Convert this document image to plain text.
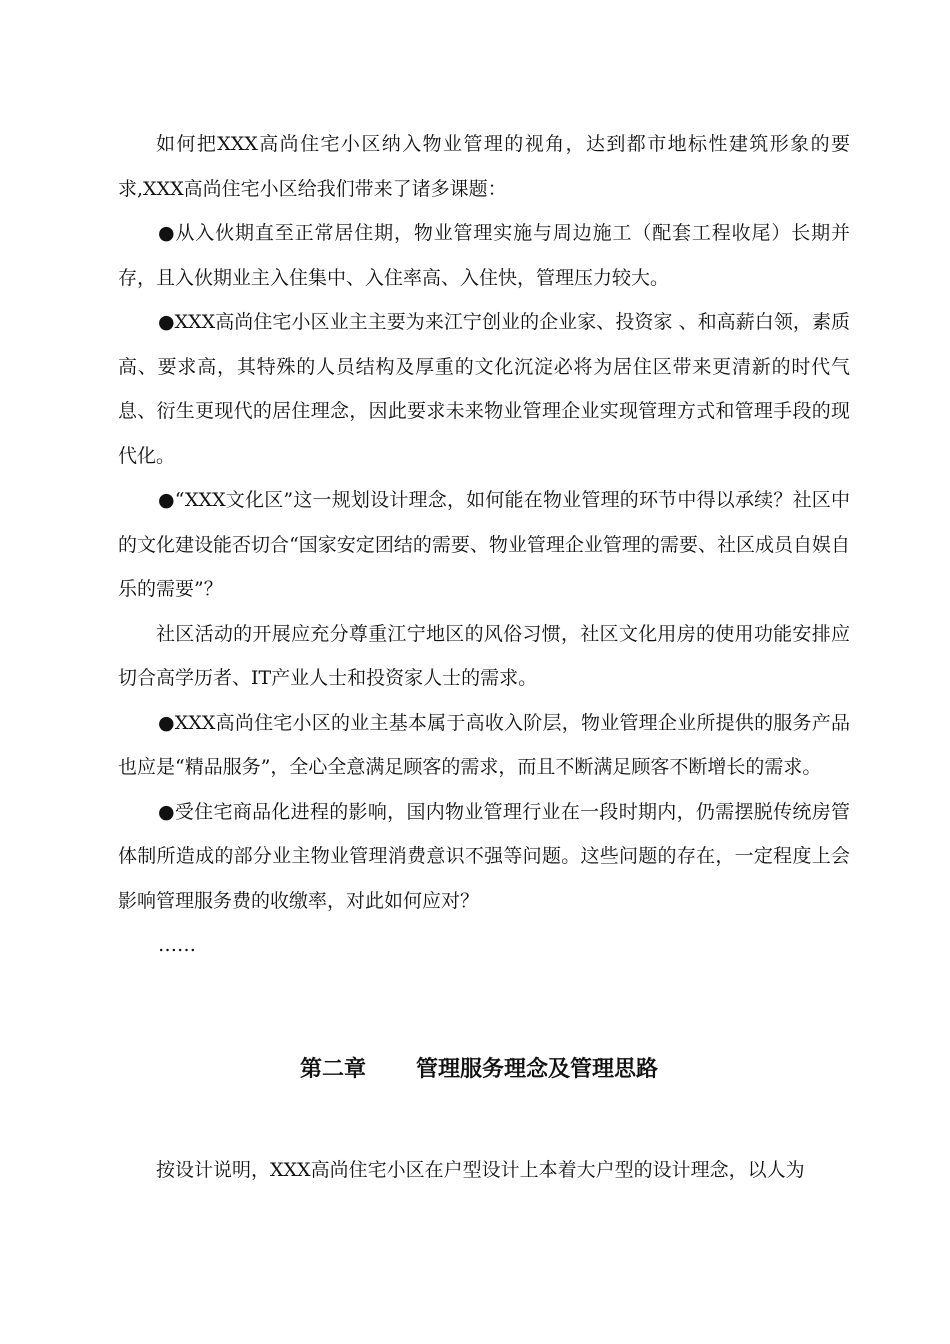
如何把XXX高尚住宅小区纳入物业管理的视角，达到都市地标性建筑形象的要求,XXX高尚住宅小区给我们带来了诸多课题：

●从入伙期直至正常居住期，物业管理实施与周边施工（配套工程收尾）长期并存，且入伙期业主入住集中、入住率高、入住快，管理压力较大。

●XXX高尚住宅小区业主主要为来江宁创业的企业家、投资家 、和高薪白领，素质高、要求高，其特殊的人员结构及厚重的文化沉淀必将为居住区带来更清新的时代气息、衍生更现代的居住理念，因此要求未来物业管理企业实现管理方式和管理手段的现代化。

●“XXX文化区”这一规划设计理念，如何能在物业管理的环节中得以承续？社区中的文化建设能否切合“国家安定团结的需要、物业管理企业管理的需要、社区成员自娱自乐的需要”？

社区活动的开展应充分尊重江宁地区的风俗习惯，社区文化用房的使用功能安排应切合高学历者、IT产业人士和投资家人士的需求。

●XXX高尚住宅小区的业主基本属于高收入阶层，物业管理企业所提供的服务产品也应是“精品服务”，全心全意满足顾客的需求，而且不断满足顾客不断增长的需求。

●受住宅商品化进程的影响，国内物业管理行业在一段时期内，仍需摆脱传统房管体制所造成的部分业主物业管理消费意识不强等问题。这些问题的存在，一定程度上会影响管理服务费的收缴率，对此如何应对？

……

第二章 管理服务理念及管理思路

按设计说明，XXX高尚住宅小区在户型设计上本着大户型的设计理念，以人为
